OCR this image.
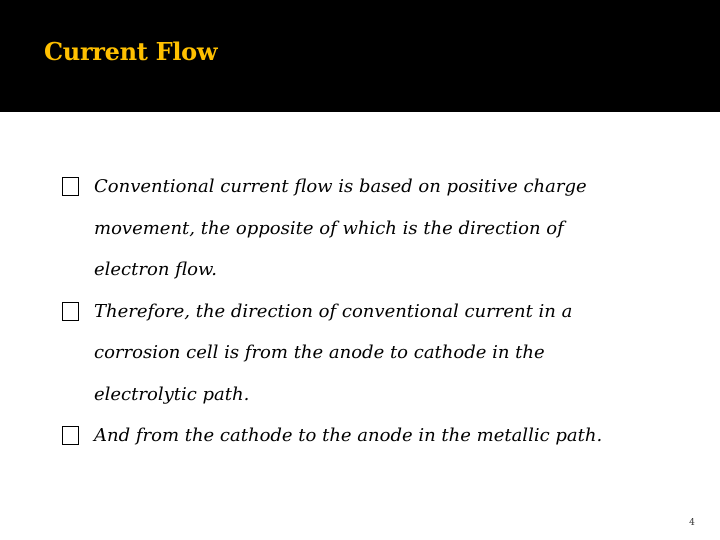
Current Flow

Conventional current flow is based on positive charge
movement, the opposite of which is the direction of
electron flow.

Therefore, the direction of conventional current in a
corrosion cell is from the anode to cathode in the
electrolytic path.

And from the cathode to the anode in the metallic path.

4
